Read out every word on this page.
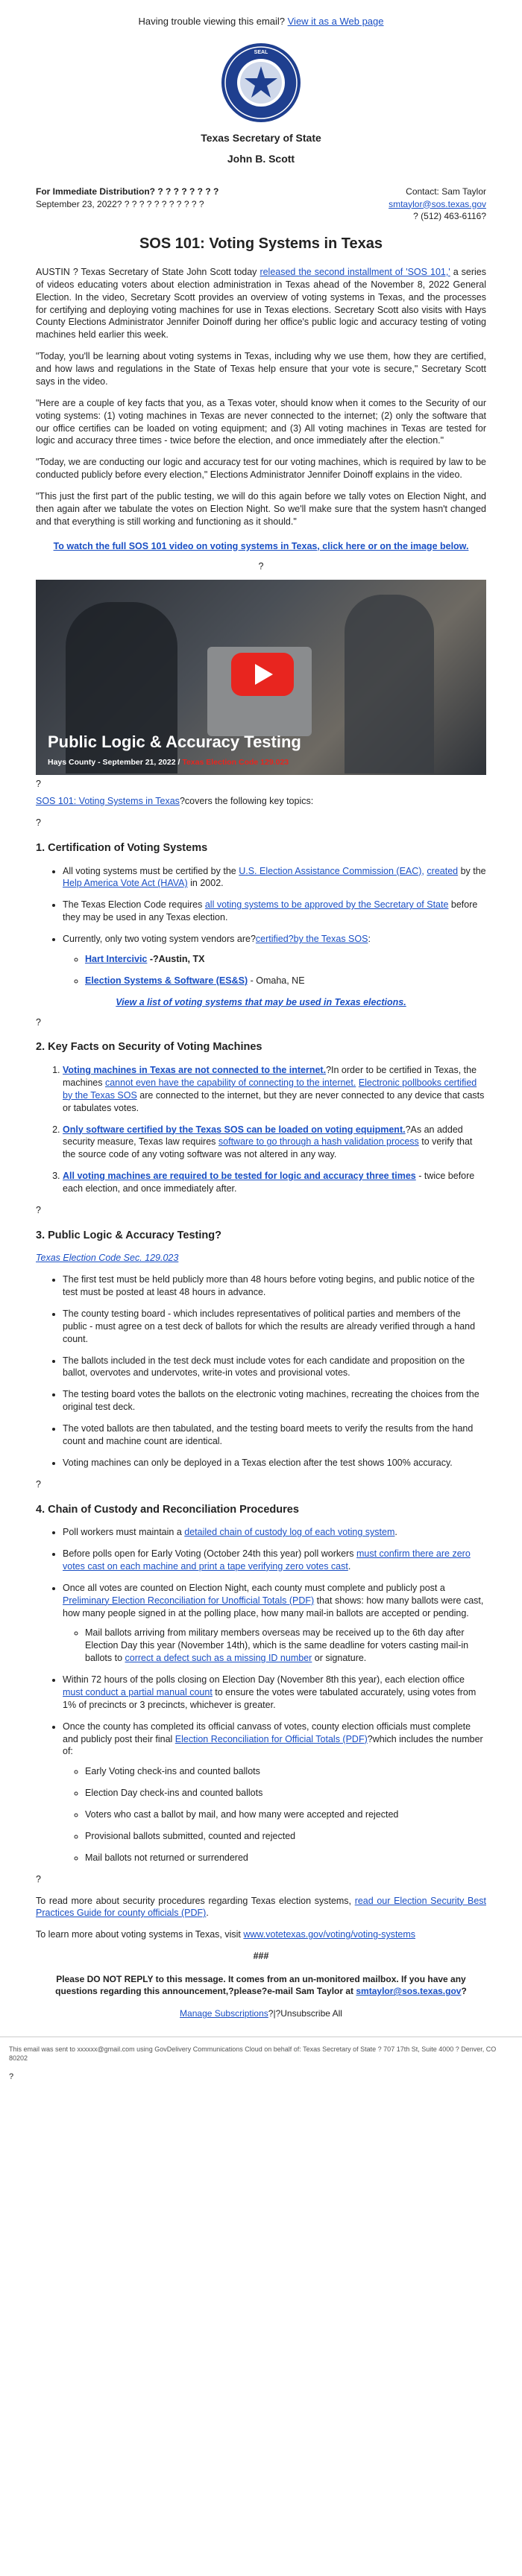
Having trouble viewing this email? View it as a Web page
SEAL
Texas Secretary of State
John B. Scott
For Immediate Distribution? ? ? ? ? ? ? ? ?
September 23, 2022? ? ? ? ? ? ? ? ? ? ? ?
Contact: Sam Taylor
smtaylor@sos.texas.gov
? (512) 463-6116?
SOS 101: Voting Systems in Texas

AUSTIN ? Texas Secretary of State John Scott today released the second installment of 'SOS 101,' a series of videos educating voters about election administration in Texas ahead of the November 8, 2022 General Election. In the video, Secretary Scott provides an overview of voting systems in Texas, and the processes for certifying and deploying voting machines for use in Texas elections. Secretary Scott also visits with Hays County Elections Administrator Jennifer Doinoff during her office's public logic and accuracy testing of voting machines held earlier this week.

"Today, you'll be learning about voting systems in Texas, including why we use them, how they are certified, and how laws and regulations in the State of Texas help ensure that your vote is secure," Secretary Scott says in the video.

"Here are a couple of key facts that you, as a Texas voter, should know when it comes to the Security of our voting systems: (1) voting machines in Texas are never connected to the internet; (2) only the software that our office certifies can be loaded on voting equipment; and (3) All voting machines in Texas are tested for logic and accuracy three times - twice before the election, and once immediately after the election."

"Today, we are conducting our logic and accuracy test for our voting machines, which is required by law to be conducted publicly before every election," Elections Administrator Jennifer Doinoff explains in the video.

"This just the first part of the public testing, we will do this again before we tally votes on Election Night, and then again after we tabulate the votes on Election Night. So we'll make sure that the system hasn't changed and that everything is still working and functioning as it should."

To watch the full SOS 101 video on voting systems in Texas, click here or on the image below.
?
Public Logic & Accuracy Testing
Hays County - September 21, 2022 / Texas Election Code 129.023
?
SOS 101: Voting Systems in Texas?covers the following key topics:
?
1. Certification of Voting Systems
• All voting systems must be certified by the U.S. Election Assistance Commission (EAC), created by the Help America Vote Act (HAVA) in 2002.
• The Texas Election Code requires all voting systems to be approved by the Secretary of State before they may be used in any Texas election.
• Currently, only two voting system vendors are?certified?by the Texas SOS:
◦ Hart Intercivic -?Austin, TX
◦ Election Systems & Software (ES&S) - Omaha, NE
View a list of voting systems that may be used in Texas elections.
?
2. Key Facts on Security of Voting Machines
1. Voting machines in Texas are not connected to the internet.?In order to be certified in Texas, the machines cannot even have the capability of connecting to the internet. Electronic pollbooks certified by the Texas SOS are connected to the internet, but they are never connected to any device that casts or tabulates votes.
2. Only software certified by the Texas SOS can be loaded on voting equipment.?As an added security measure, Texas law requires software to go through a hash validation process to verify that the source code of any voting software was not altered in any way.
3. All voting machines are required to be tested for logic and accuracy three times - twice before each election, and once immediately after.
?
3. Public Logic & Accuracy Testing?
Texas Election Code Sec. 129.023
• The first test must be held publicly more than 48 hours before voting begins, and public notice of the test must be posted at least 48 hours in advance.
• The county testing board - which includes representatives of political parties and members of the public - must agree on a test deck of ballots for which the results are already verified through a hand count.
• The ballots included in the test deck must include votes for each candidate and proposition on the ballot, overvotes and undervotes, write-in votes and provisional votes.
• The testing board votes the ballots on the electronic voting machines, recreating the choices from the original test deck.
• The voted ballots are then tabulated, and the testing board meets to verify the results from the hand count and machine count are identical.
• Voting machines can only be deployed in a Texas election after the test shows 100% accuracy.
?
4. Chain of Custody and Reconciliation Procedures
• Poll workers must maintain a detailed chain of custody log of each voting system.
• Before polls open for Early Voting (October 24th this year) poll workers must confirm there are zero votes cast on each machine and print a tape verifying zero votes cast.
• Once all votes are counted on Election Night, each county must complete and publicly post a Preliminary Election Reconciliation for Unofficial Totals (PDF) that shows: how many ballots were cast, how many people signed in at the polling place, how many mail-in ballots are accepted or pending.
◦ Mail ballots arriving from military members overseas may be received up to the 6th day after Election Day this year (November 14th), which is the same deadline for voters casting mail-in ballots to correct a defect such as a missing ID number or signature.
• Within 72 hours of the polls closing on Election Day (November 8th this year), each election office must conduct a partial manual count to ensure the votes were tabulated accurately, using votes from 1% of precincts or 3 precincts, whichever is greater.
• Once the county has completed its official canvass of votes, county election officials must complete and publicly post their final Election Reconciliation for Official Totals (PDF)?which includes the number of:
◦ Early Voting check-ins and counted ballots
◦ Election Day check-ins and counted ballots
◦ Voters who cast a ballot by mail, and how many were accepted and rejected
◦ Provisional ballots submitted, counted and rejected
◦ Mail ballots not returned or surrendered
?

To read more about security procedures regarding Texas election systems, read our Election Security Best Practices Guide for county officials (PDF).

To learn more about voting systems in Texas, visit www.votetexas.gov/voting/voting-systems

###
Please DO NOT REPLY to this message. It comes from an un-monitored mailbox. If you have any questions regarding this announcement,?please?e-mail Sam Taylor at smtaylor@sos.texas.gov?
Manage Subscriptions?|?Unsubscribe All
This email was sent to xxxxxx@gmail.com using GovDelivery Communications Cloud on behalf of: Texas Secretary of State ? 707 17th St, Suite 4000 ? Denver, CO 80202
?
